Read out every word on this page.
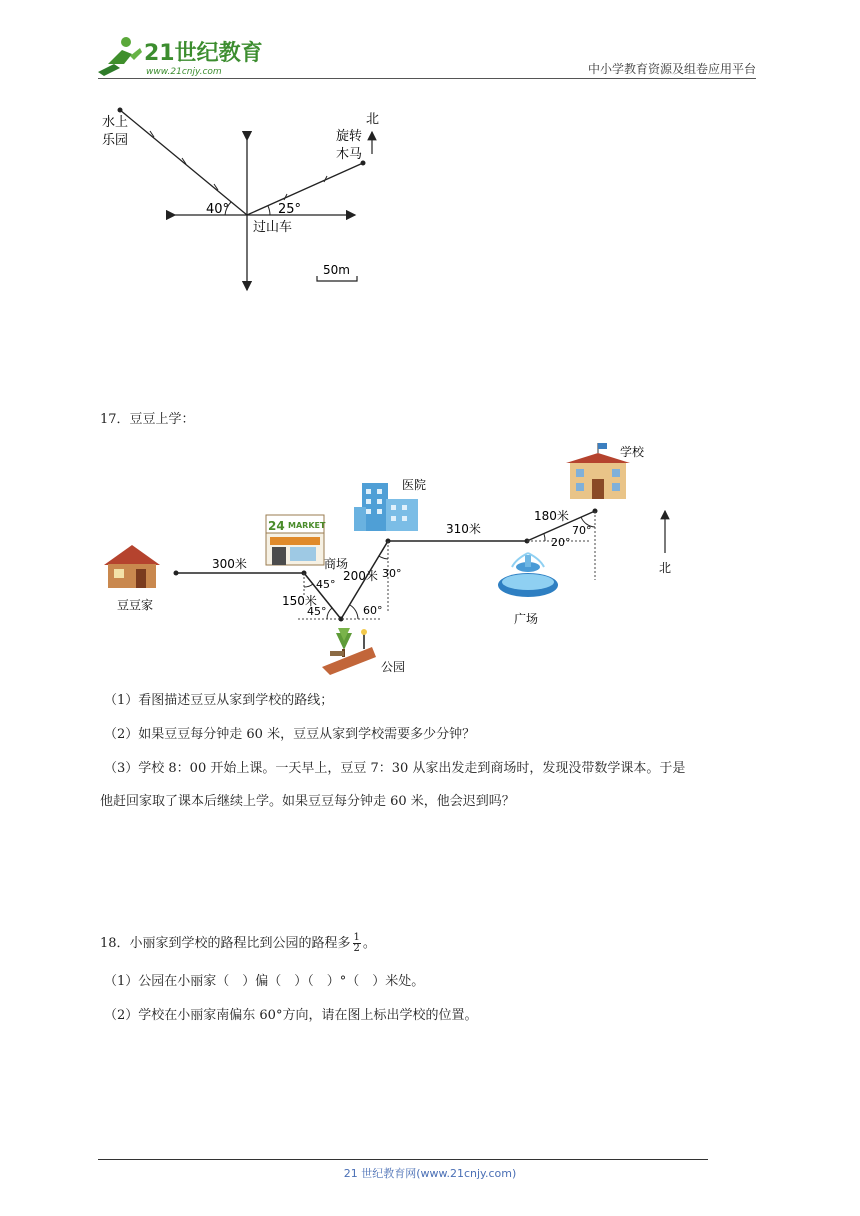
21世纪教育
www.21cnjy.com	中小学教育资源及组卷应用平台
水上
乐园	旋转
木马
北
40°	25°
过山车
50m
17．豆豆上学：
豆豆家
24 MARKET
商场
医院
公园
广场
学校
北
300米
150米
200米
310米
180米
45°
45°	60°
30°
20°
70°
（1）看图描述豆豆从家到学校的路线；
（2）如果豆豆每分钟走 60 米，豆豆从家到学校需要多少分钟？
（3）学校 8：00 开始上课。一天早上，豆豆 7：30 从家出发走到商场时，发现没带数学课本。于是
他赶回家取了课本后继续上学。如果豆豆每分钟走 60 米，他会迟到吗？
18．小丽家到学校的路程比到公园的路程多 $\frac{1}{2}$ 。
（1）公园在小丽家（　）偏（　）（　）°（　）米处。
（2）学校在小丽家南偏东 60°方向，请在图上标出学校的位置。
21 世纪教育网(www.21cnjy.com)
